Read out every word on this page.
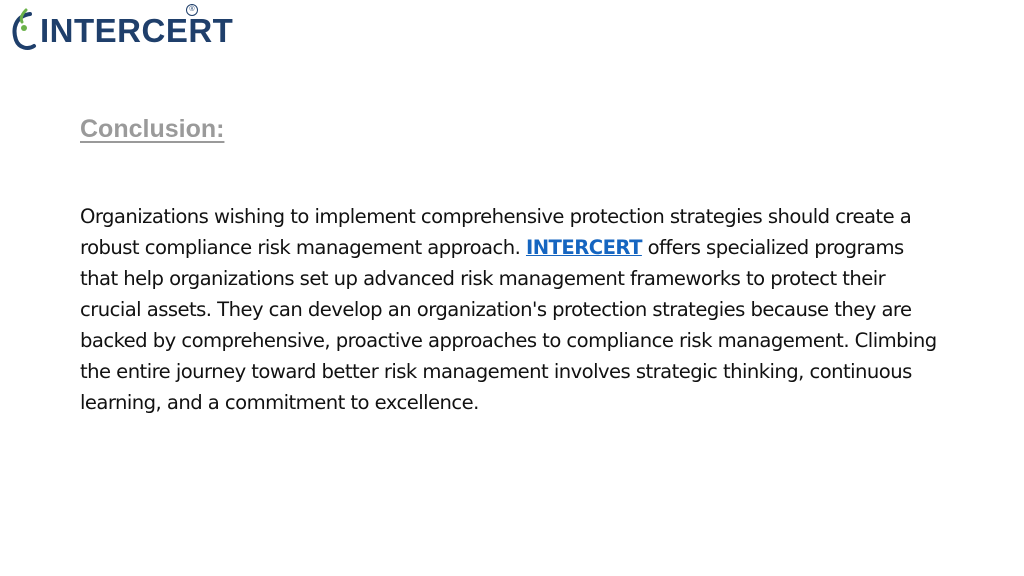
INTERCERT
®
Conclusion:

Organizations wishing to implement comprehensive protection strategies should create a robust compliance risk management approach. INTERCERT offers specialized programs that help organizations set up advanced risk management frameworks to protect their crucial assets. They can develop an organization's protection strategies because they are backed by comprehensive, proactive approaches to compliance risk management. Climbing the entire journey toward better risk management involves strategic thinking, continuous learning, and a commitment to excellence.
